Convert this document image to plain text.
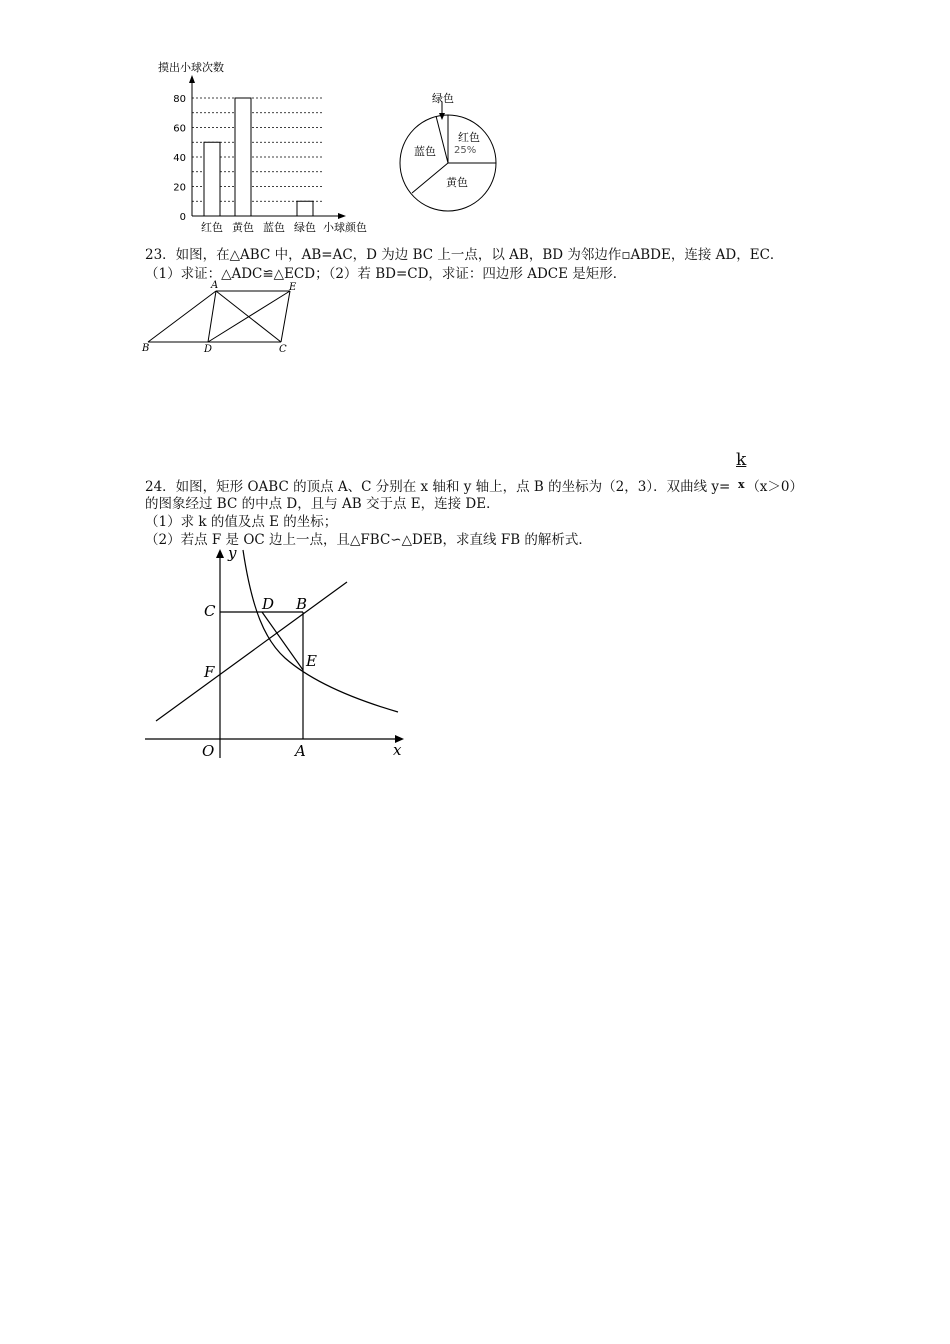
摸出小球次数
0
20
40
60
80
红色 黄色 蓝色 绿色 小球颜色
绿色
红色
25%
蓝色
黄色
23．如图，在△ABC 中，AB=AC，D 为边 BC 上一点，以 AB，BD 为邻边作▫ABDE，连接 AD，EC．
（1）求证：△ADC≌△ECD；（2）若 BD=CD，求证：四边形 ADCE 是矩形．
A	E
B	D	C
k
24．如图，矩形 OABC 的顶点 A、C 分别在 x 轴和 y 轴上，点 B 的坐标为（2，3）．双曲线 y= （x＞0）
x
的图象经过 BC 的中点 D，且与 AB 交于点 E，连接 DE．
（1）求 k 的值及点 E 的坐标；
（2）若点 F 是 OC 边上一点，且△FBC∽△DEB，求直线 FB 的解析式．
y
x
C	D B
F
E
O	A
